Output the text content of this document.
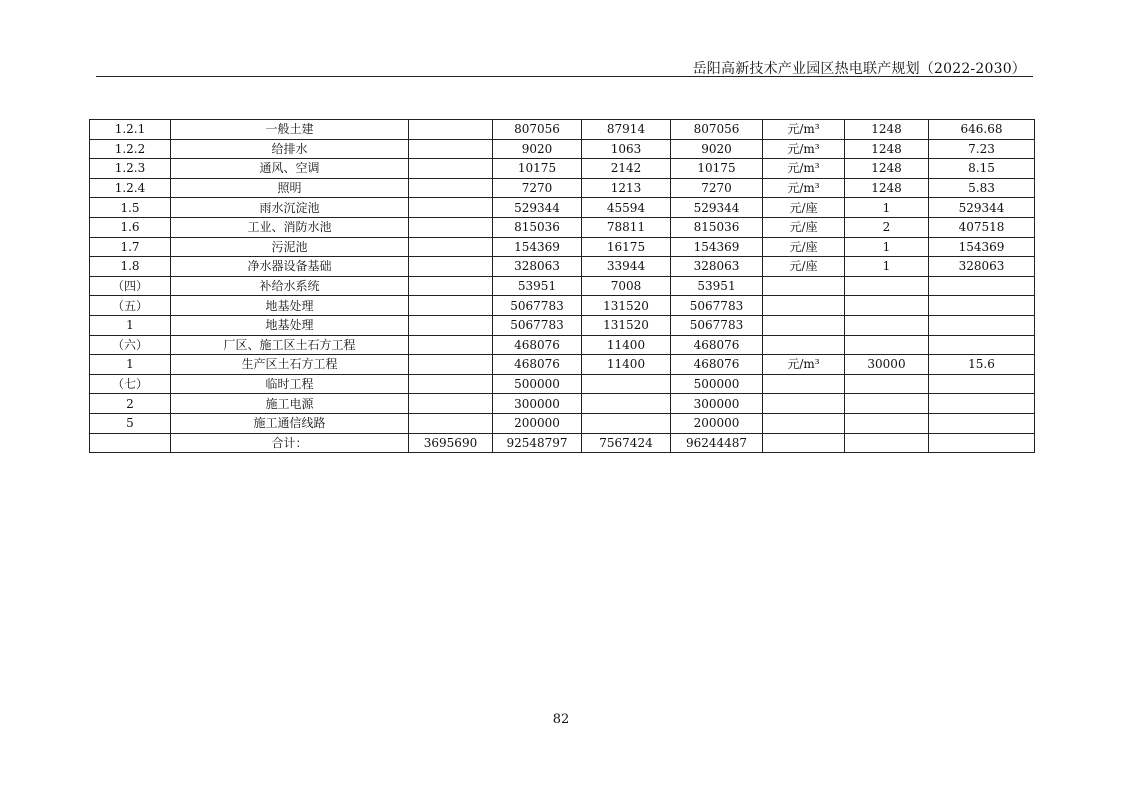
岳阳高新技术产业园区热电联产规划（2022-2030）
1.2.1	一般土建		807056	87914	807056	元/m³	1248	646.68
1.2.2	给排水		9020	1063	9020	元/m³	1248	7.23
1.2.3	通风、空调		10175	2142	10175	元/m³	1248	8.15
1.2.4	照明		7270	1213	7270	元/m³	1248	5.83
1.5	雨水沉淀池		529344	45594	529344	元/座	1	529344
1.6	工业、消防水池		815036	78811	815036	元/座	2	407518
1.7	污泥池		154369	16175	154369	元/座	1	154369
1.8	净水器设备基础		328063	33944	328063	元/座	1	328063
（四）	补给水系统		53951	7008	53951			
（五）	地基处理		5067783	131520	5067783			
1	地基处理		5067783	131520	5067783			
（六）	厂区、施工区土石方工程		468076	11400	468076			
1	生产区土石方工程		468076	11400	468076	元/m³	30000	15.6
（七）	临时工程		500000		500000			
2	施工电源		300000		300000			
5	施工通信线路		200000		200000			
	合计：	3695690	92548797	7567424	96244487			
82
